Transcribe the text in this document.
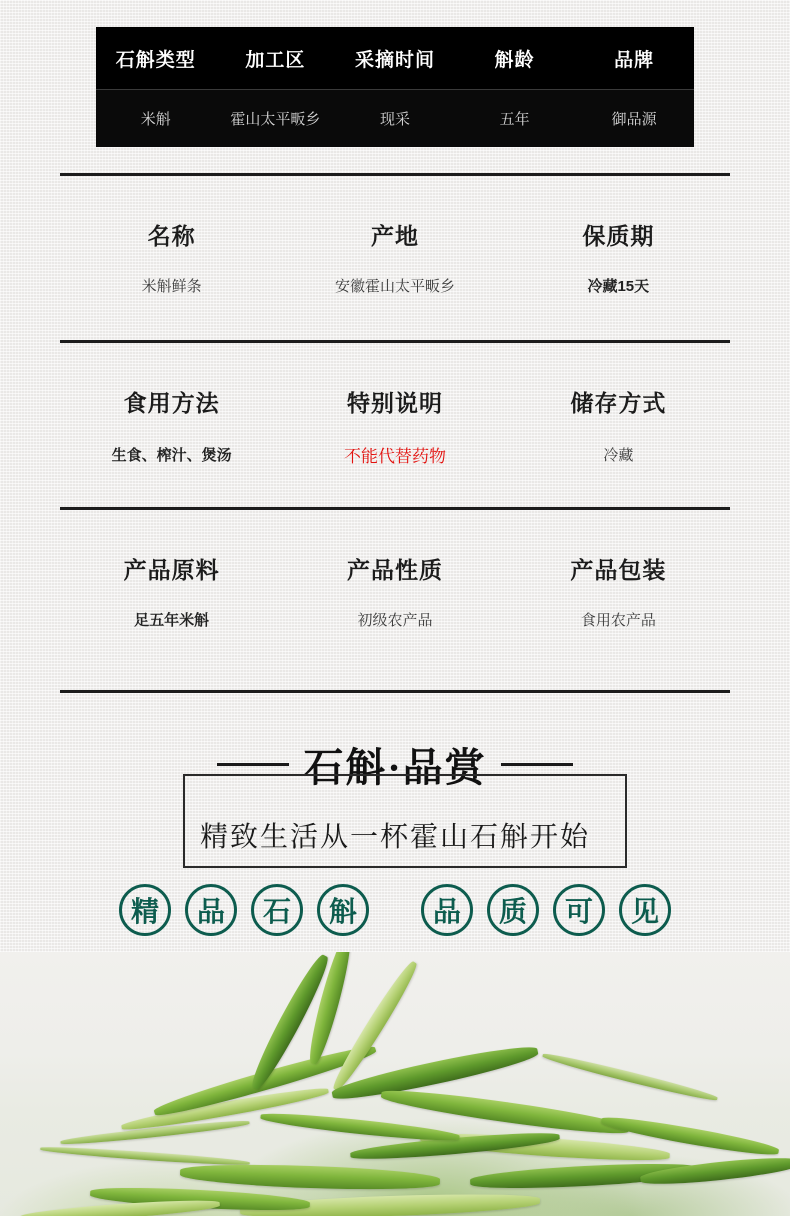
石斛类型	加工区	采摘时间	斛龄	品牌
米斛	霍山太平畈乡	现采	五年	御品源
名称	产地	保质期
米斛鲜条	安徽霍山太平畈乡	冷藏15天
食用方法	特别说明	储存方式
生食、榨汁、煲汤	不能代替药物	冷藏
产品原料	产品性质	产品包装
足五年米斛	初级农产品	食用农产品
石斛·品赏
精致生活从一杯霍山石斛开始
精	品	石	斛	品	质	可	见
